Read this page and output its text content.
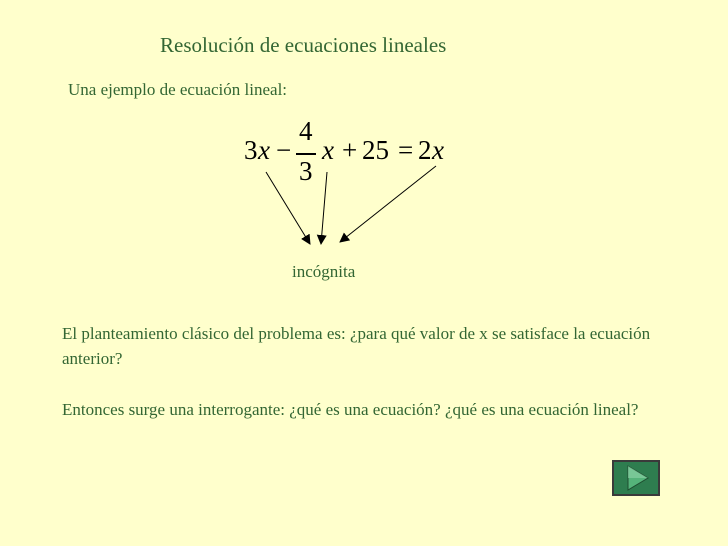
Resolución de ecuaciones lineales
Una ejemplo de ecuación lineal:
3 x −
4
3
x + 25 = 2 x
incógnita
El planteamiento clásico del problema es: ¿para qué valor de x se satisface la ecuación anterior?
Entonces surge una interrogante: ¿qué es una ecuación? ¿qué es una ecuación lineal?
